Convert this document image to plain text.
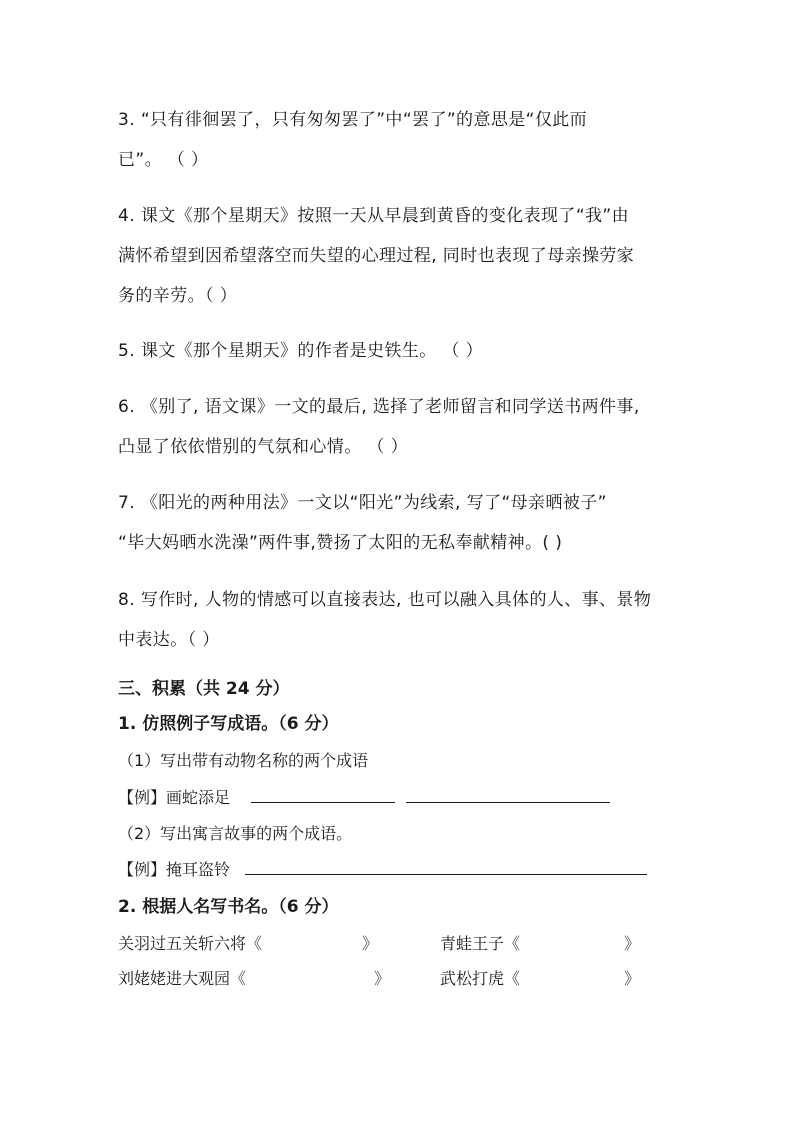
3. “只有徘徊罢了，只有匆匆罢了”中“罢了”的意思是“仅此而
已”。 （ ）
4. 课文《那个星期天》按照一天从早晨到黄昏的变化表现了“我”由
满怀希望到因希望落空而失望的心理过程, 同时也表现了母亲操劳家
务的辛劳。（ ）
5. 课文《那个星期天》的作者是史铁生。 （ ）
6. 《别了, 语文课》一文的最后, 选择了老师留言和同学送书两件事,
凸显了依依惜别的气氛和心情。 （ ）
7. 《阳光的两种用法》一文以“阳光”为线索, 写了“母亲晒被子”
“毕大妈晒水洗澡”两件事,赞扬了太阳的无私奉献精神。( )
8. 写作时, 人物的情感可以直接表达, 也可以融入具体的人、事、景物
中表达。（ ）
三、积累（共 24 分）
1. 仿照例子写成语。（6 分）
（1）写出带有动物名称的两个成语
【例】画蛇添足
（2）写出寓言故事的两个成语。
【例】掩耳盗铃
2. 根据人名写书名。（6 分）
关羽过五关斩六将《	》	青蛙王子《	》
刘姥姥进大观园《	》	武松打虎《	》
